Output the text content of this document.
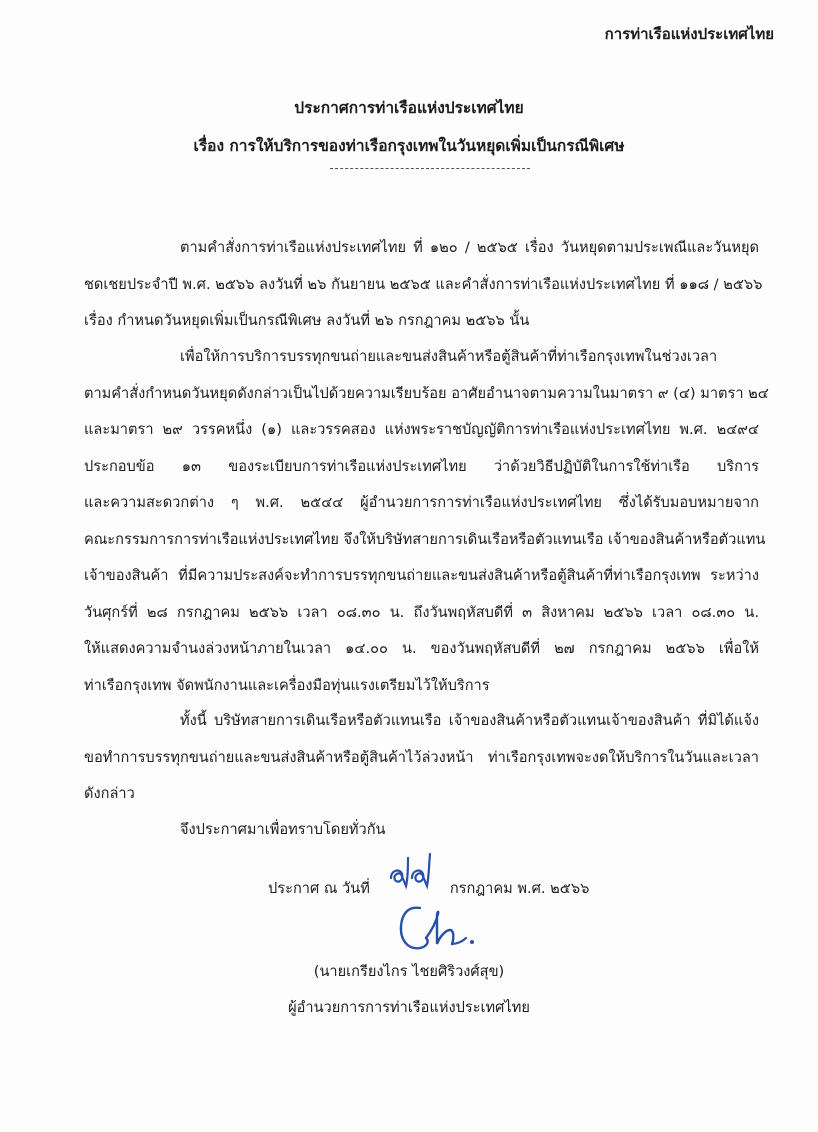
การท่าเรือแห่งประเทศไทย
ประกาศการท่าเรือแห่งประเทศไทย
เรื่อง การให้บริการของท่าเรือกรุงเทพในวันหยุดเพิ่มเป็นกรณีพิเศษ
ตามคำสั่งการท่าเรือแห่งประเทศไทย ที่ ๑๒๐ / ๒๕๖๕ เรื่อง วันหยุดตามประเพณีและวันหยุด
ชดเชยประจำปี พ.ศ. ๒๕๖๖ ลงวันที่ ๒๖ กันยายน ๒๕๖๕ และคำสั่งการท่าเรือแห่งประเทศไทย ที่ ๑๑๘ / ๒๕๖๖
เรื่อง กำหนดวันหยุดเพิ่มเป็นกรณีพิเศษ ลงวันที่ ๒๖ กรกฎาคม ๒๕๖๖ นั้น
เพื่อให้การบริการบรรทุกขนถ่ายและขนส่งสินค้าหรือตู้สินค้าที่ท่าเรือกรุงเทพในช่วงเวลา
ตามคำสั่งกำหนดวันหยุดดังกล่าวเป็นไปด้วยความเรียบร้อย อาศัยอำนาจตามความในมาตรา ๙ (๔) มาตรา ๒๔
และมาตรา ๒๙ วรรคหนึ่ง (๑) และวรรคสอง แห่งพระราชบัญญัติการท่าเรือแห่งประเทศไทย พ.ศ. ๒๔๙๔
ประกอบข้อ ๑๓ ของระเบียบการท่าเรือแห่งประเทศไทย ว่าด้วยวิธีปฏิบัติในการใช้ท่าเรือ บริการ
และความสะดวกต่าง ๆ พ.ศ. ๒๕๔๔ ผู้อำนวยการการท่าเรือแห่งประเทศไทย ซึ่งได้รับมอบหมายจาก
คณะกรรมการการท่าเรือแห่งประเทศไทย จึงให้บริษัทสายการเดินเรือหรือตัวแทนเรือ เจ้าของสินค้าหรือตัวแทน
เจ้าของสินค้า ที่มีความประสงค์จะทำการบรรทุกขนถ่ายและขนส่งสินค้าหรือตู้สินค้าที่ท่าเรือกรุงเทพ ระหว่าง
วันศุกร์ที่ ๒๘ กรกฎาคม ๒๕๖๖ เวลา ๐๘.๓๐ น. ถึงวันพฤหัสบดีที่ ๓ สิงหาคม ๒๕๖๖ เวลา ๐๘.๓๐ น.
ให้แสดงความจำนงล่วงหน้าภายในเวลา ๑๔.๐๐ น. ของวันพฤหัสบดีที่ ๒๗ กรกฎาคม ๒๕๖๖ เพื่อให้
ท่าเรือกรุงเทพ จัดพนักงานและเครื่องมือทุ่นแรงเตรียมไว้ให้บริการ
ทั้งนี้ บริษัทสายการเดินเรือหรือตัวแทนเรือ เจ้าของสินค้าหรือตัวแทนเจ้าของสินค้า ที่มิได้แจ้ง
ขอทำการบรรทุกขนถ่ายและขนส่งสินค้าหรือตู้สินค้าไว้ล่วงหน้า ท่าเรือกรุงเทพจะงดให้บริการในวันและเวลา
ดังกล่าว
จึงประกาศมาเพื่อทราบโดยทั่วกัน
ประกาศ ณ วันที่	กรกฎาคม พ.ศ. ๒๕๖๖
(นายเกรียงไกร ไชยศิริวงศ์สุข)
ผู้อำนวยการการท่าเรือแห่งประเทศไทย
